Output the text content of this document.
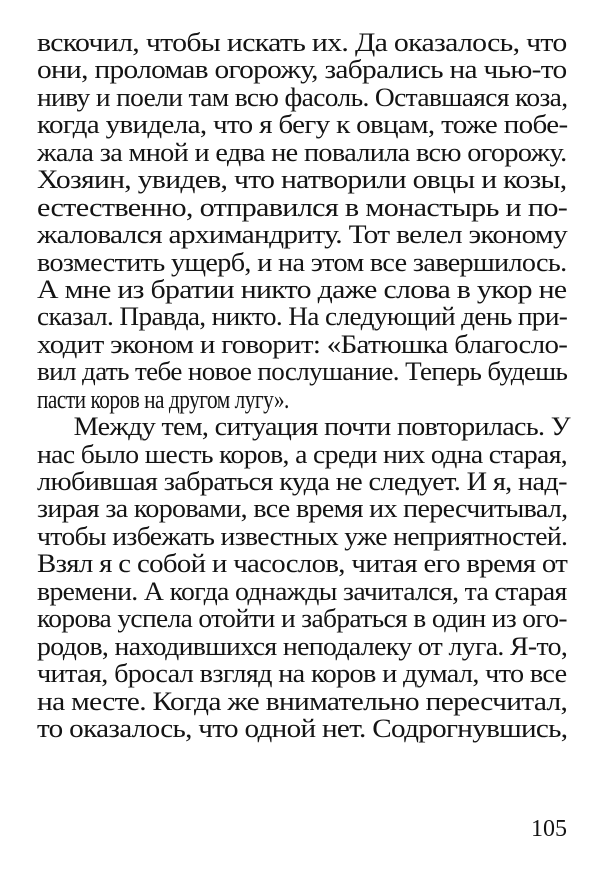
вскочил, чтобы искать их. Да оказалось, что
они, проломав огорожу, забрались на чью-то
ниву и поели там всю фасоль. Оставшаяся коза,
когда увидела, что я бегу к овцам, тоже побе-
жала за мной и едва не повалила всю огорожу.
Хозяин, увидев, что натворили овцы и козы,
естественно, отправился в монастырь и по-
жаловался архимандриту. Тот велел эконому
возместить ущерб, и на этом все завершилось.
А мне из братии никто даже слова в укор не
сказал. Правда, никто. На следующий день при-
ходит эконом и говорит: «Батюшка благосло-
вил дать тебе новое послушание. Теперь будешь
пасти коров на другом лугу».
Между тем, ситуация почти повторилась. У
нас было шесть коров, а среди них одна старая,
любившая забраться куда не следует. И я, над-
зирая за коровами, все время их пересчитывал,
чтобы избежать известных уже неприятностей.
Взял я с собой и часослов, читая его время от
времени. А когда однажды зачитался, та старая
корова успела отойти и забраться в один из ого-
родов, находившихся неподалеку от луга. Я-то,
читая, бросал взгляд на коров и думал, что все
на месте. Когда же внимательно пересчитал,
то оказалось, что одной нет. Содрогнувшись,
105
